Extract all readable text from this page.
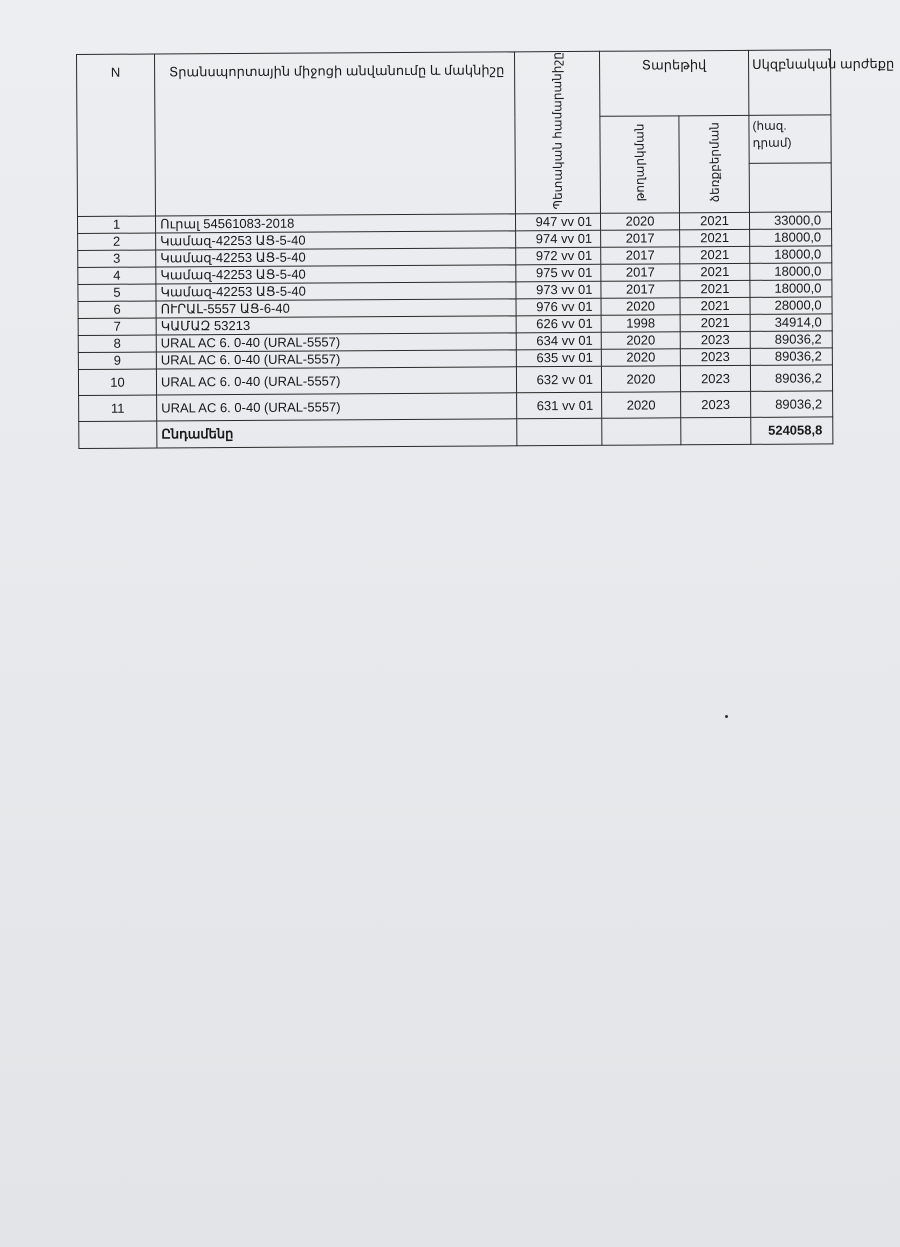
N	Տրանսպորտային միջոցի անվանումը և մակնիշը	Պետական համարանիշը	Տարեթիվ		Սկզբնական արժեքը
			թողարկման	ձեռքբերման	(հազ. դրամ)

1	Ուրալ 54561083-2018	947 vv 01	2020	2021	33000,0
2	Կամազ-42253 ԱՑ-5-40	974 vv 01	2017	2021	18000,0
3	Կամազ-42253 ԱՑ-5-40	972 vv 01	2017	2021	18000,0
4	Կամազ-42253 ԱՑ-5-40	975 vv 01	2017	2021	18000,0
5	Կամազ-42253 ԱՑ-5-40	973 vv 01	2017	2021	18000,0
6	ՈՒՐԱԼ-5557 ԱՑ-6-40	976 vv 01	2020	2021	28000,0
7	ԿԱՄԱԶ 53213	626 vv 01	1998	2021	34914,0
8	URAL AC 6. 0-40 (URAL-5557)	634 vv 01	2020	2023	89036,2
9	URAL AC 6. 0-40 (URAL-5557)	635 vv 01	2020	2023	89036,2
10	URAL AC 6. 0-40 (URAL-5557)	632 vv 01	2020	2023	89036,2
11	URAL AC 6. 0-40 (URAL-5557)	631 vv 01	2020	2023	89036,2
	Ընդամենը				524058,8
